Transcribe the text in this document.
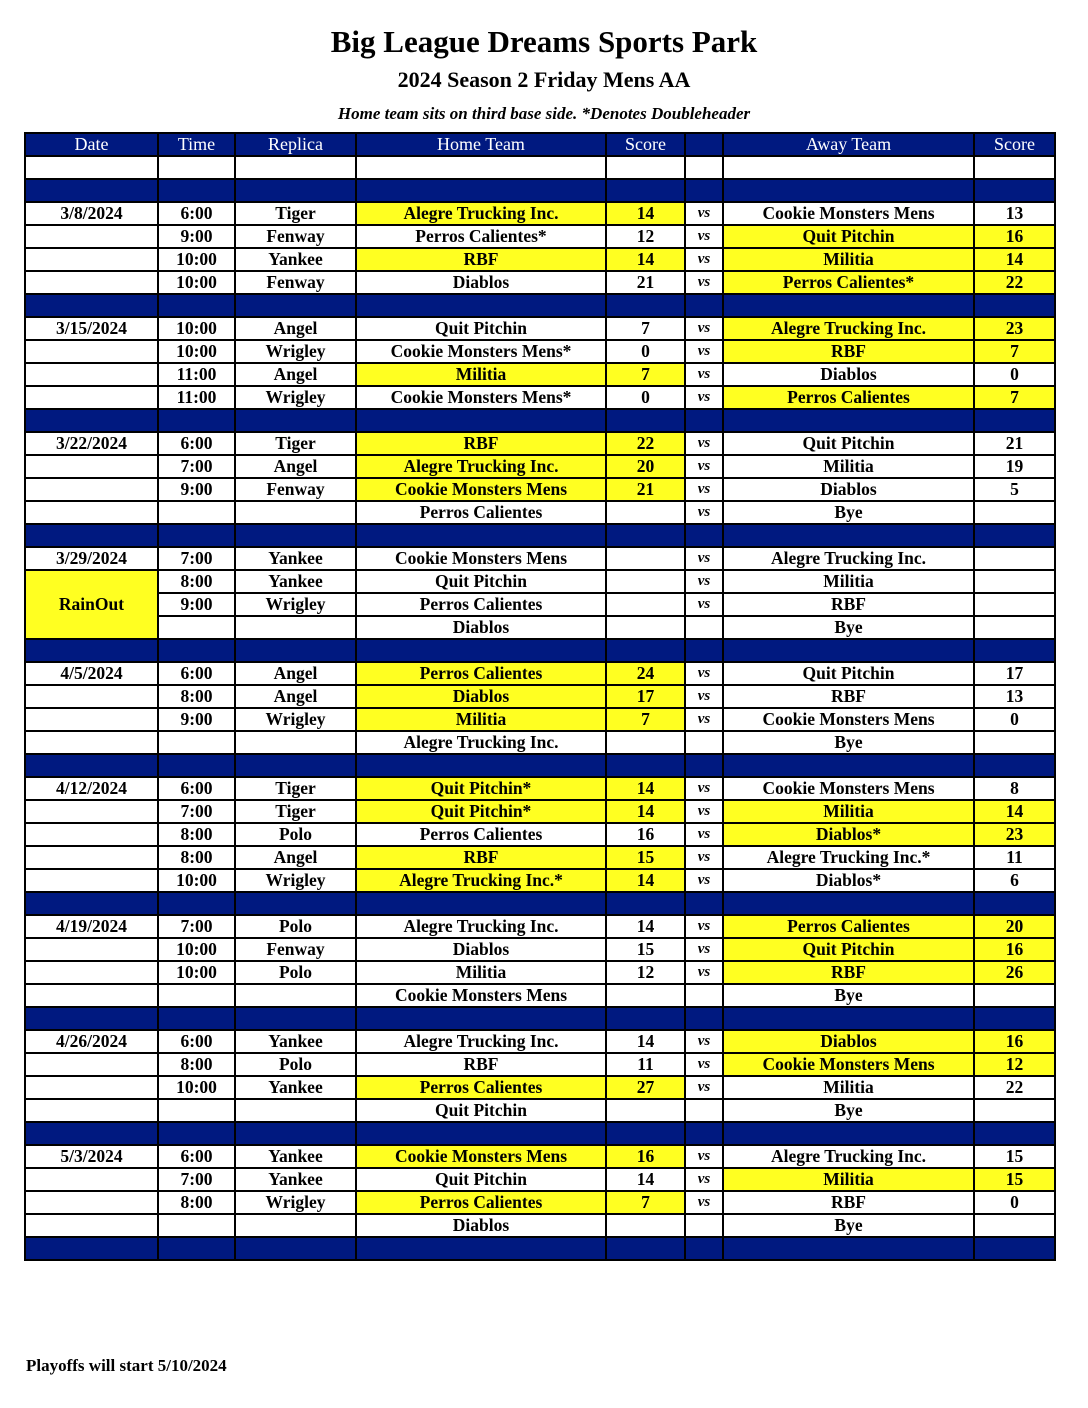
Big League Dreams Sports Park
2024 Season 2 Friday Mens AA
Home team sits on third base side. *Denotes Doubleheader
Date	Time	Replica	Home Team	Score		Away Team	Score

3/8/2024	6:00	Tiger	Alegre Trucking Inc.	14	vs	Cookie Monsters Mens	13
	9:00	Fenway	Perros Calientes*	12	vs	Quit Pitchin	16
	10:00	Yankee	RBF	14	vs	Militia	14
	10:00	Fenway	Diablos	21	vs	Perros Calientes*	22

3/15/2024	10:00	Angel	Quit Pitchin	7	vs	Alegre Trucking Inc.	23
	10:00	Wrigley	Cookie Monsters Mens*	0	vs	RBF	7
	11:00	Angel	Militia	7	vs	Diablos	0
	11:00	Wrigley	Cookie Monsters Mens*	0	vs	Perros Calientes	7

3/22/2024	6:00	Tiger	RBF	22	vs	Quit Pitchin	21
	7:00	Angel	Alegre Trucking Inc.	20	vs	Militia	19
	9:00	Fenway	Cookie Monsters Mens	21	vs	Diablos	5
			Perros Calientes		vs	Bye	

3/29/2024	7:00	Yankee	Cookie Monsters Mens		vs	Alegre Trucking Inc.	
RainOut	8:00	Yankee	Quit Pitchin		vs	Militia	
	9:00	Wrigley	Perros Calientes		vs	RBF	
			Diablos			Bye	

4/5/2024	6:00	Angel	Perros Calientes	24	vs	Quit Pitchin	17
	8:00	Angel	Diablos	17	vs	RBF	13
	9:00	Wrigley	Militia	7	vs	Cookie Monsters Mens	0
			Alegre Trucking Inc.			Bye	

4/12/2024	6:00	Tiger	Quit Pitchin*	14	vs	Cookie Monsters Mens	8
	7:00	Tiger	Quit Pitchin*	14	vs	Militia	14
	8:00	Polo	Perros Calientes	16	vs	Diablos*	23
	8:00	Angel	RBF	15	vs	Alegre Trucking Inc.*	11
	10:00	Wrigley	Alegre Trucking Inc.*	14	vs	Diablos*	6

4/19/2024	7:00	Polo	Alegre Trucking Inc.	14	vs	Perros Calientes	20
	10:00	Fenway	Diablos	15	vs	Quit Pitchin	16
	10:00	Polo	Militia	12	vs	RBF	26
			Cookie Monsters Mens			Bye	

4/26/2024	6:00	Yankee	Alegre Trucking Inc.	14	vs	Diablos	16
	8:00	Polo	RBF	11	vs	Cookie Monsters Mens	12
	10:00	Yankee	Perros Calientes	27	vs	Militia	22
			Quit Pitchin			Bye	

5/3/2024	6:00	Yankee	Cookie Monsters Mens	16	vs	Alegre Trucking Inc.	15
	7:00	Yankee	Quit Pitchin	14	vs	Militia	15
	8:00	Wrigley	Perros Calientes	7	vs	RBF	0
			Diablos			Bye	

Playoffs will start 5/10/2024
